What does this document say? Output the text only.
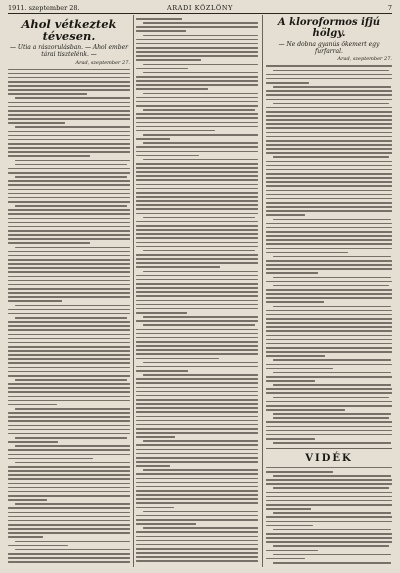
1911. szeptember 28.	ARADI KÖZLÖNY	7
Ahol vétkeztek tévesen.
— Utia a rászorulásban. — Ahol ember tárai tisztelénk. —
Arad, szeptember 27.
A kloroformos ifjú hölgy.
— Ne dobna gyanús ökemert egy furfarral.
Arad, szeptember 27.
VIDÉK
